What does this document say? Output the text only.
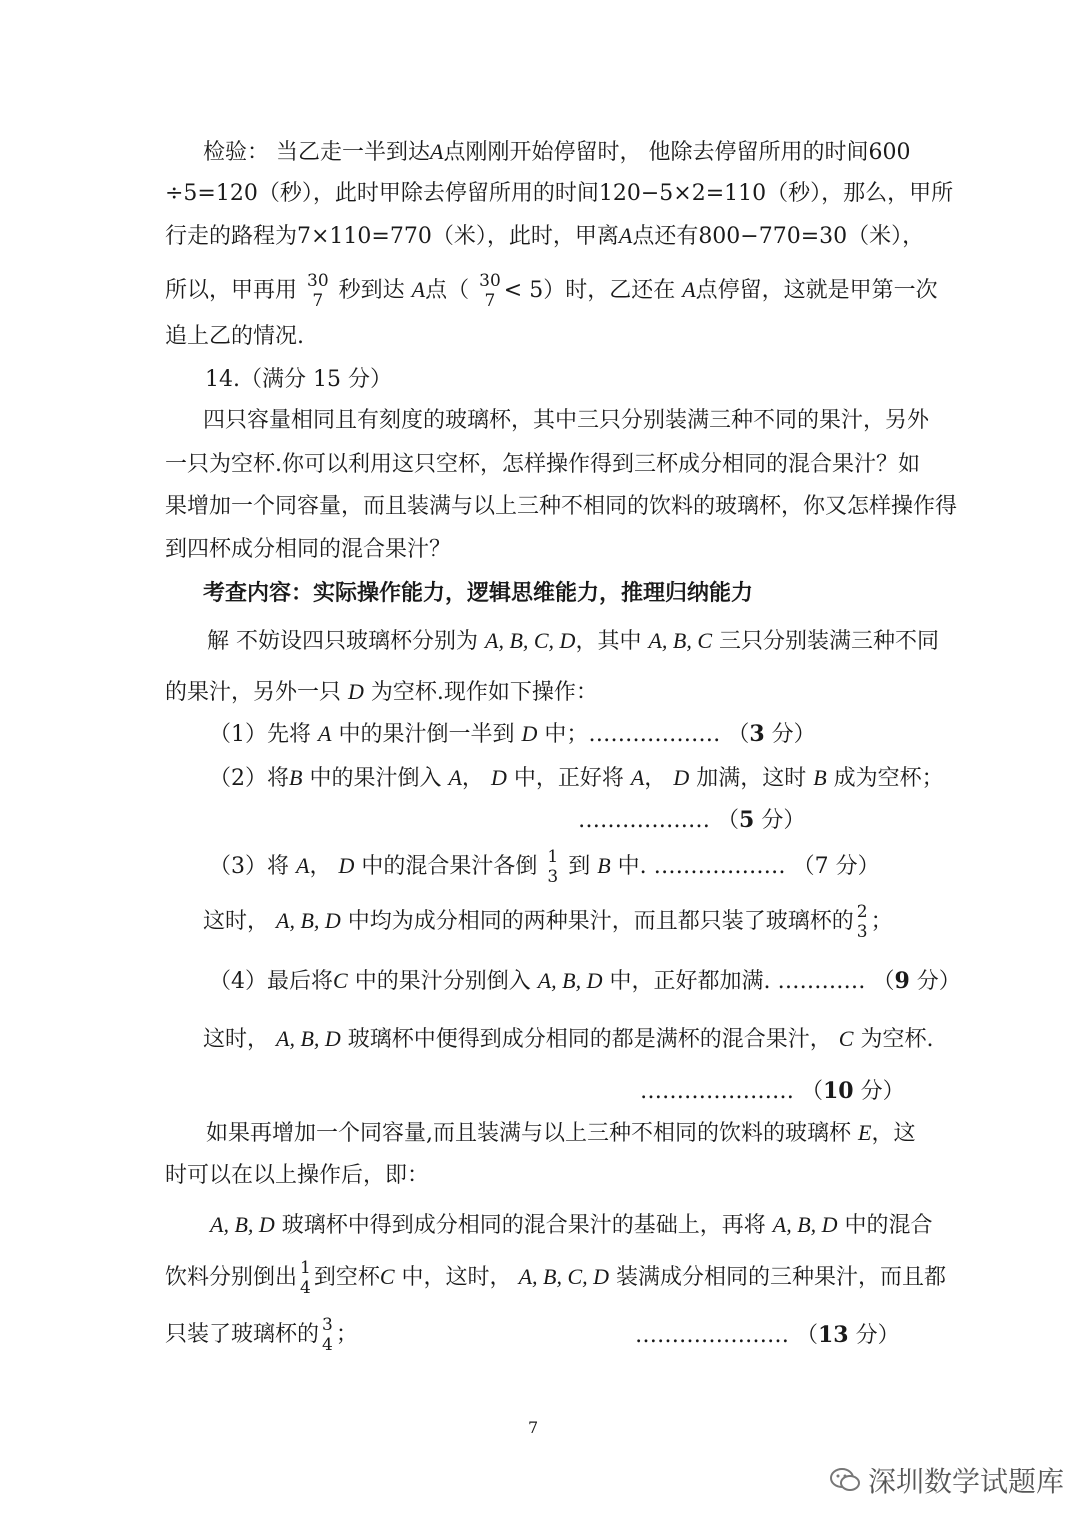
检验： 当乙走一半到达A点刚刚开始停留时， 他除去停留所用的时间600
÷5=120（秒），此时甲除去停留所用的时间120−5×2=110（秒），那么，甲所
行走的路程为7×110=770（米），此时，甲离A点还有800−770=30（米），
所以，甲再用 30
7 秒到达 A点（ 30
7 < 5）时，乙还在 A点停留，这就是甲第一次
追上乙的情况.
14.（满分 15 分）
四只容量相同且有刻度的玻璃杯，其中三只分别装满三种不同的果汁，另外
一只为空杯.你可以利用这只空杯，怎样操作得到三杯成分相同的混合果汁？如
果增加一个同容量，而且装满与以上三种不相同的饮料的玻璃杯，你又怎样操作得
到四杯成分相同的混合果汁？
考查内容：实际操作能力，逻辑思维能力，推理归纳能力
解 不妨设四只玻璃杯分别为 A, B, C, D，其中 A, B, C 三只分别装满三种不同
的果汁，另外一只 D 为空杯.现作如下操作：
（1）先将 A 中的果汁倒一半到 D 中；……………… （3 分）
（2）将B 中的果汁倒入 A， D 中，正好将 A， D 加满，这时 B 成为空杯；
……………… （5 分）
（3）将 A， D 中的混合果汁各倒 1
3 到 B 中. ……………… （7 分）
这时， A, B, D 中均为成分相同的两种果汁，而且都只装了玻璃杯的 2
3 ；
（4）最后将C 中的果汁分别倒入 A, B, D 中，正好都加满. ………… （9 分）
这时， A, B, D 玻璃杯中便得到成分相同的都是满杯的混合果汁， C 为空杯.
………………… （10 分）
如果再增加一个同容量,而且装满与以上三种不相同的饮料的玻璃杯 E，这
时可以在以上操作后，即：
A, B, D 玻璃杯中得到成分相同的混合果汁的基础上，再将 A, B, D 中的混合
饮料分别倒出 1
4 到空杯C 中，这时， A, B, C, D 装满成分相同的三种果汁，而且都
只装了玻璃杯的 3
4 ；	………………… （13 分）
7
深圳数学试题库
